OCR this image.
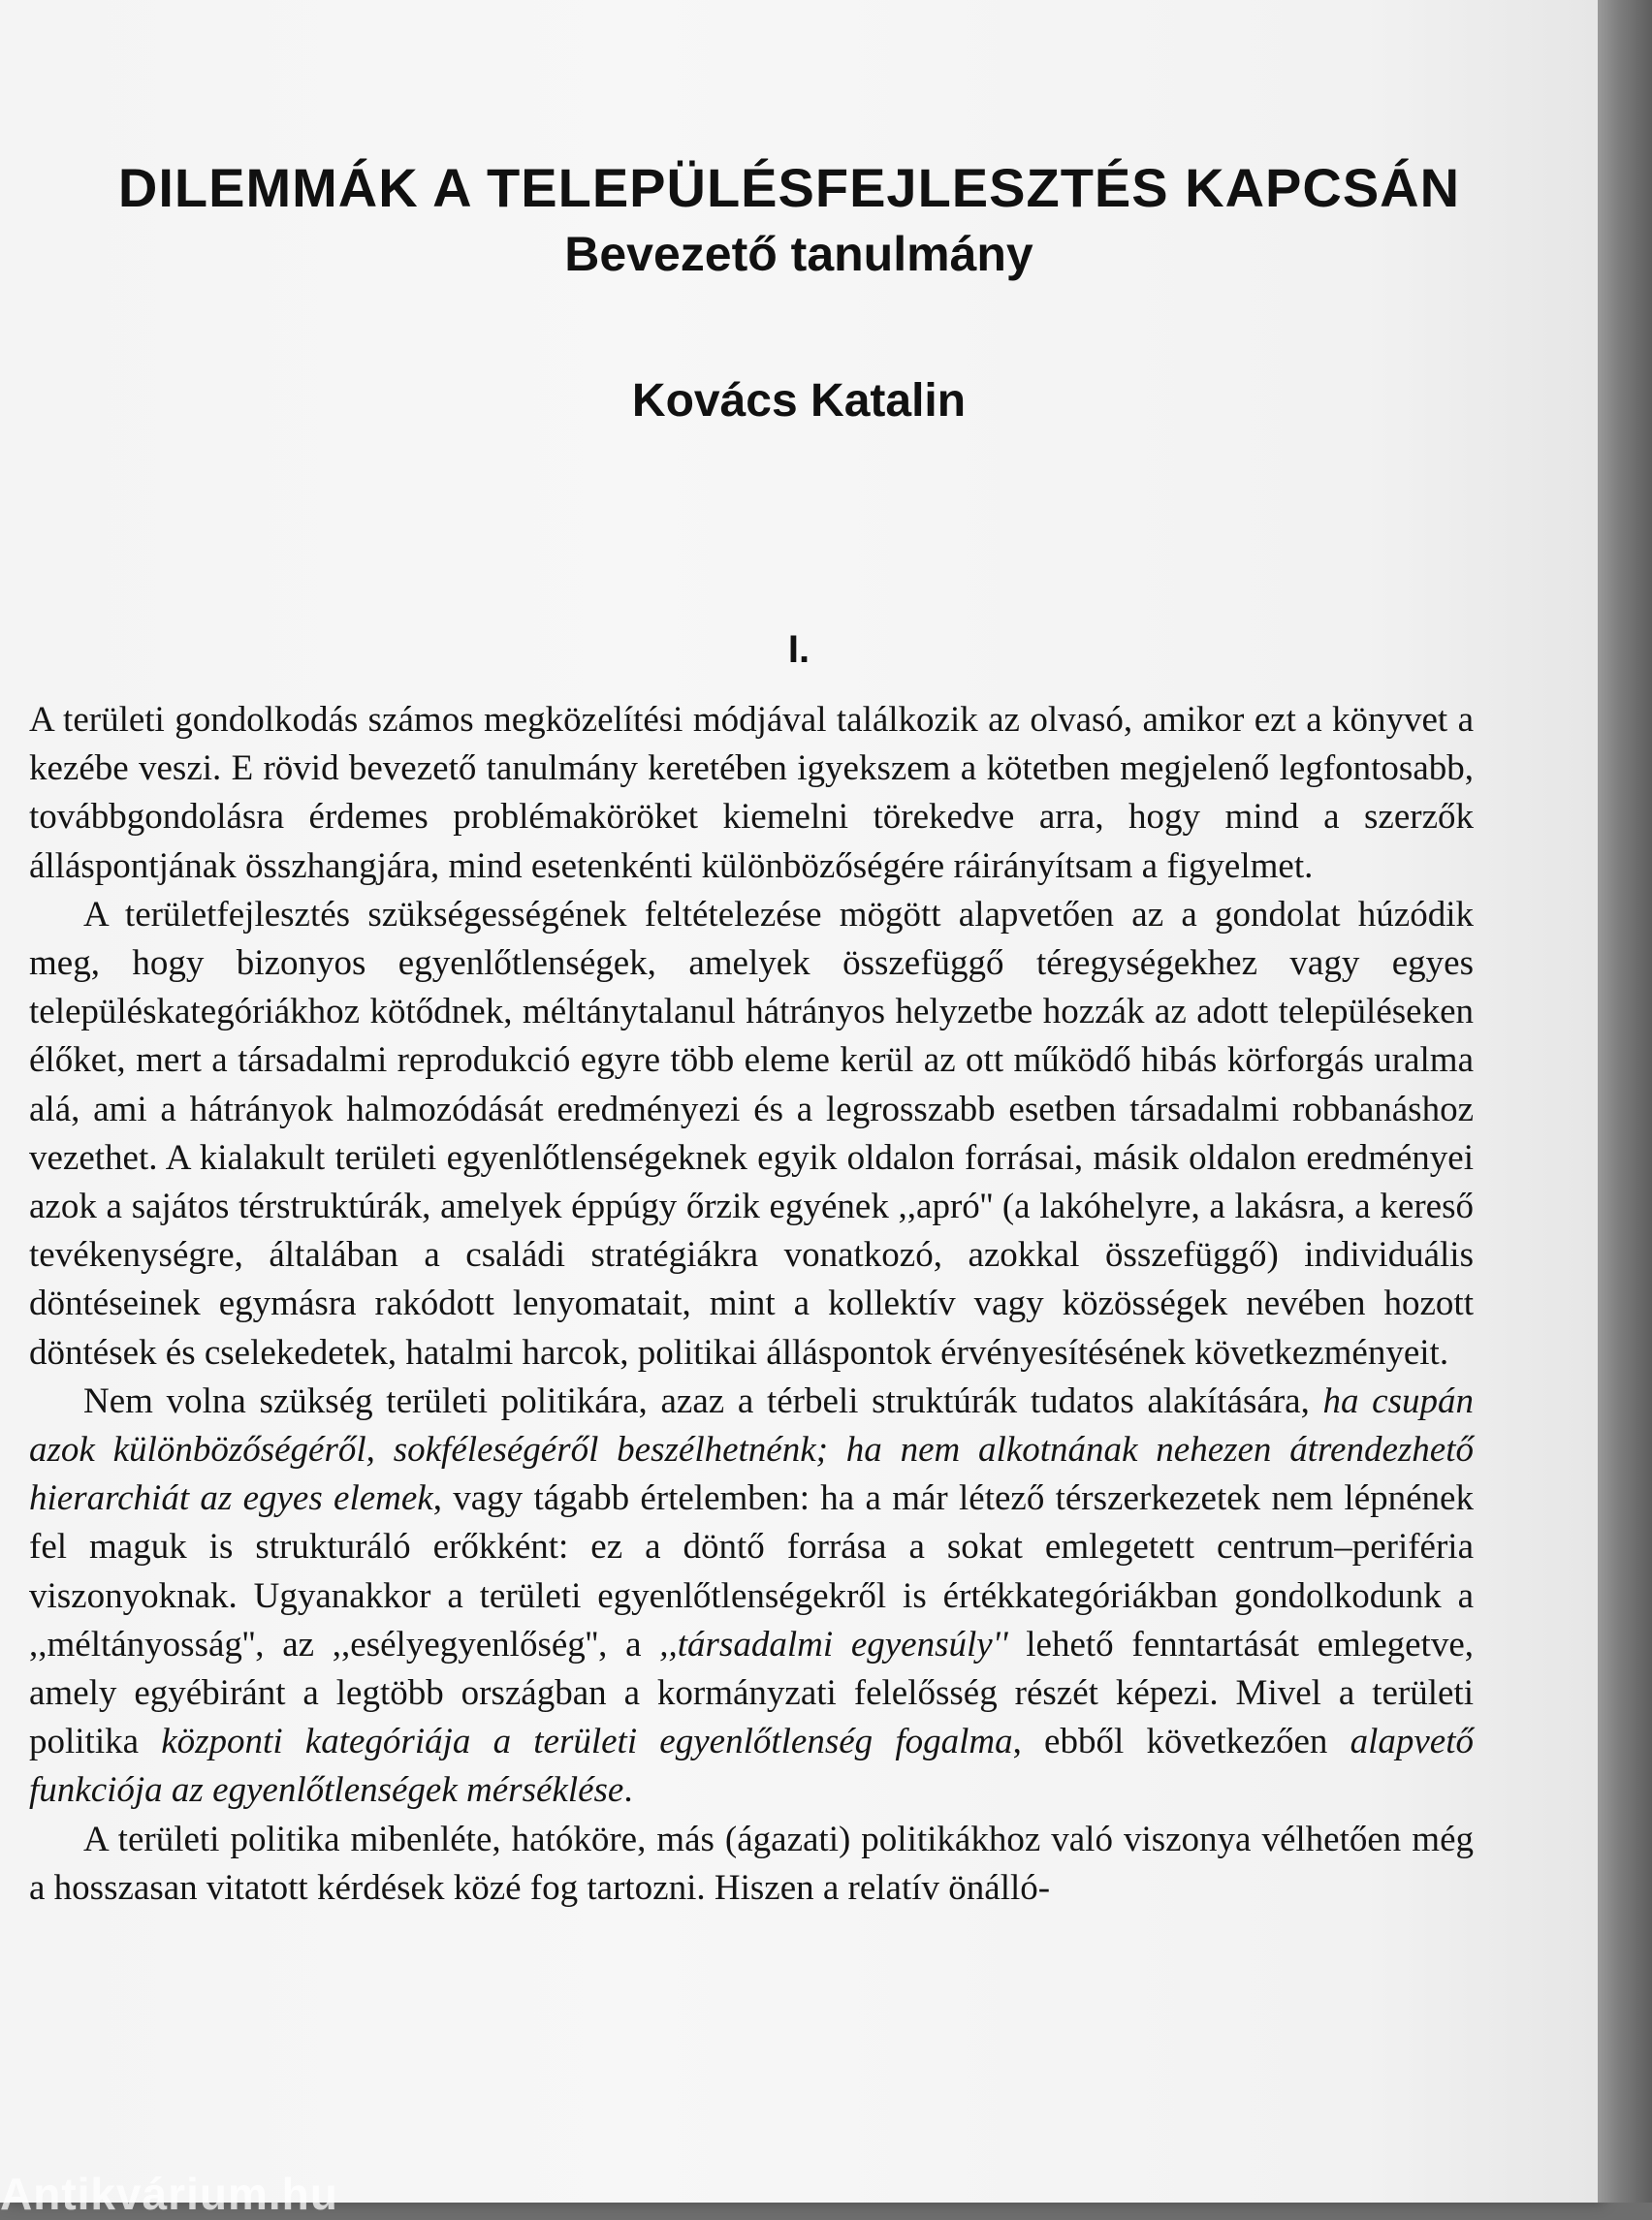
DILEMMÁK A TELEPÜLÉSFEJLESZTÉS KAPCSÁN
Bevezető tanulmány
Kovács Katalin
I.

A területi gondolkodás számos megközelítési módjával találkozik az olvasó, amikor ezt a könyvet a kezébe veszi. E rövid bevezető tanulmány keretében igyekszem a kötetben megjelenő legfontosabb, továbbgondolásra érdemes problémaköröket kiemelni törekedve arra, hogy mind a szerzők álláspontjának összhangjára, mind esetenkénti különbözőségére ráirányítsam a figyelmet.

A területfejlesztés szükségességének feltételezése mögött alapvetően az a gondolat húzódik meg, hogy bizonyos egyenlőtlenségek, amelyek összefüggő téregységekhez vagy egyes településkategóriákhoz kötődnek, méltánytalanul hátrányos helyzetbe hozzák az adott településeken élőket, mert a társadalmi reprodukció egyre több eleme kerül az ott működő hibás körforgás uralma alá, ami a hátrányok halmozódását eredményezi és a legrosszabb esetben társadalmi robbanáshoz vezethet. A kialakult területi egyenlőtlenségeknek egyik oldalon forrásai, másik oldalon eredményei azok a sajátos térstruktúrák, amelyek éppúgy őrzik egyének ,,apró'' (a lakóhelyre, a lakásra, a kereső tevékenységre, általában a családi stratégiákra vonatkozó, azokkal összefüggő) individuális döntéseinek egymásra rakódott lenyomatait, mint a kollektív vagy közösségek nevében hozott döntések és cselekedetek, hatalmi harcok, politikai álláspontok érvényesítésének következményeit.

Nem volna szükség területi politikára, azaz a térbeli struktúrák tudatos alakítására, ha csupán azok különbözőségéről, sokféleségéről beszélhetnénk; ha nem alkotnának nehezen átrendezhető hierarchiát az egyes elemek, vagy tágabb értelemben: ha a már létező térszerkezetek nem lépnének fel maguk is strukturáló erőkként: ez a döntő forrása a sokat emlegetett centrum–periféria viszonyoknak. Ugyanakkor a területi egyenlőtlenségekről is értékkategóriákban gondolkodunk a ,,méltányosság'', az ,,esélyegyenlőség'', a ,,társadalmi egyensúly'' lehető fenntartását emlegetve, amely egyébiránt a legtöbb országban a kormányzati felelősség részét képezi. Mivel a területi politika központi kategóriája a területi egyenlőtlenség fogalma, ebből következően alapvető funkciója az egyenlőtlenségek mérséklése.

A területi politika mibenléte, hatóköre, más (ágazati) politikákhoz való viszonya vélhetően még a hosszasan vitatott kérdések közé fog tartozni. Hiszen a relatív önálló-

Antikvárium.hu
